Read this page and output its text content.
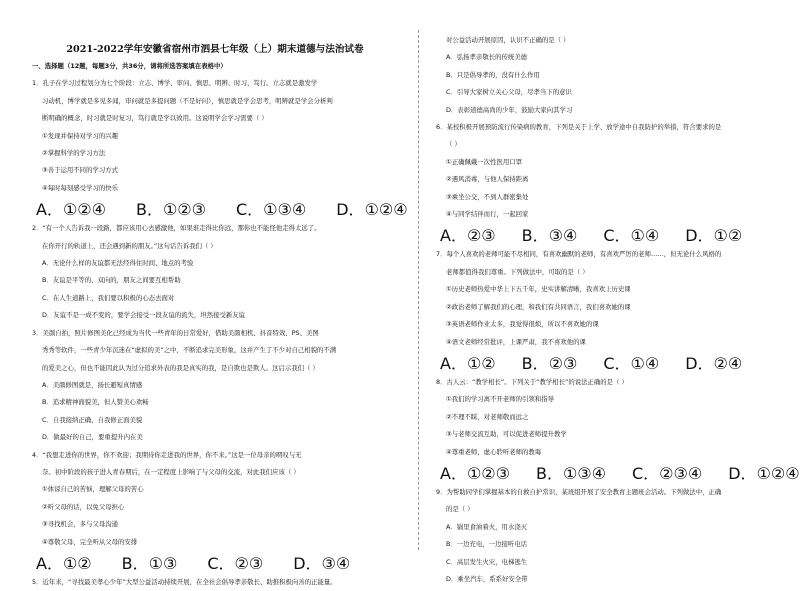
2021-2022学年安徽省宿州市泗县七年级（上）期末道德与法治试卷
一、选择题（12题，每题3分，共36分，请将所选答案填在表格中）
1．孔子在学习过程划分为七个阶段：立志、博学、审问、慎思、明辨、时习、笃行。立志就是激发学
习动机，博学就是多见多闻，审问就是多提问题（不是好问），慎思就是学会思考，明辨就是学会分析判
断明确的概念，时习就是时复习，笃行就是学以致用。这说明学会学习需要（ ）
①发现并保持对学习的兴趣
②掌握科学的学习方法
③善于运用不同的学习方式
④每时每刻感受学习的快乐
A．①②④ B．①②③ C．①③④ D．①②④
2．“有一个人告诉我一段路，都应该用心去感激他，如果谁走得比你远，那你也不能怪他走得太远了。
在你开行的轨道上，还会遇到新的朋友。”这句话告诉我们（ ）
A．无论什么样的友谊都无法经得住时间、地点的考验
B．友谊是平等的、双向的，朋友之间要互相帮助
C．在人生道路上，我们要以积极的心态去面对
D．友谊不是一成不变的，要学会接受一段友谊的流失，坦然接受新友谊
3．美颜自拍，照片修图美化已经成为当代一些青年的日常爱好，借助美颜相机、抖音特效、PS、美图
秀秀等软件，一些青少年沉迷在“虚拟的美”之中，不断追求完美形象，这并产生了不少对自己相貌的不满
的爱美之心，但也不能因此认为过分追求外表的我是真实的我，是自欺也是欺人。这启示我们（ ）
A．美颜修图就是，扬长避短真情感
B．追求精神面貌美，但人赞美心欢畅
C．自我接纳正确，自我修正面美貌
D．做最好的自己，要重提升内在美
4．“我想走进你的世界，你不欢迎；我期待你走进我的世界，你不来。”这是一位母亲的喟叹与无
奈。初中阶段的孩子进入青春期后，在一定程度上影响了与父母的交流，对此我们应该（ ）
①体谅自己的苦恼，理解父母的苦心
②听父母的话，以免父母担心
③寻找机会，多与父母沟通
④尊敬父母，完全听从父母的安排
A．①② B．①③ C．②③ D．③④
5．近年来，“寻找最美孝心少年”大型公益活动持续开展，在全社会倡导孝亲敬长、助推积极向善的正能量。
对公益活动开展原因，认识不正确的是（ ）
A．弘扬孝亲敬长的传统美德
B．只是倡导孝的，没有什么作用
C．引导大家树立关心父母，尽孝当下的意识
D．表彰道德高尚的少年，鼓励大家向其学习
6．某校积极开展预防流行传染病的教育，下列是关于上学、放学途中自我防护的举措，符合要求的是
（ ）
①正确佩戴一次性医用口罩
②遇风消毒，与他人保持距离
③乘坐公交，不到人群密集处
④与同学结伴而行，一起回家
A．②③ B．③④ C．①④ D．①②
7．每个人喜欢的老师可能不尽相同，有喜欢幽默的老师，有喜欢严厉的老师……，但无论什么风格的
老师都值得我们尊重。下列做法中，可取的是（ ）
①历史老师热爱中华上下五千年，史实讲解清晰，我喜欢上历史课
②政治老师了解我们的心理，和我们有共同语言，我们喜欢她的课
③英语老师作业太多，我觉得很烦，所以不喜欢她的课
④语文老师经常批评，上课严肃，我不喜欢他的课
A．①② B．②③ C．①④ D．②④
8．古人云：“教学相长”。下列关于“教学相长”的说法正确的是（ ）
①我们的学习离不开老师的引领和指导
②不理不睬，对老师敬而远之
③与老师交流互助，可以促进老师提升教学
④尊重老师，虚心聆听老师的教诲
A．①②③ B．①③④ C．②③④ D．①②④
9．为帮助同学们掌握基本的自救自护常识，某班组开展了安全教育主题班会活动。下列做法中，正确
的是（ ）
A．锅里食油着火，用水浇灭
B．一边充电，一边接听电话
C．高层发生火灾，电梯逃生
D．乘坐汽车，系系好安全带
